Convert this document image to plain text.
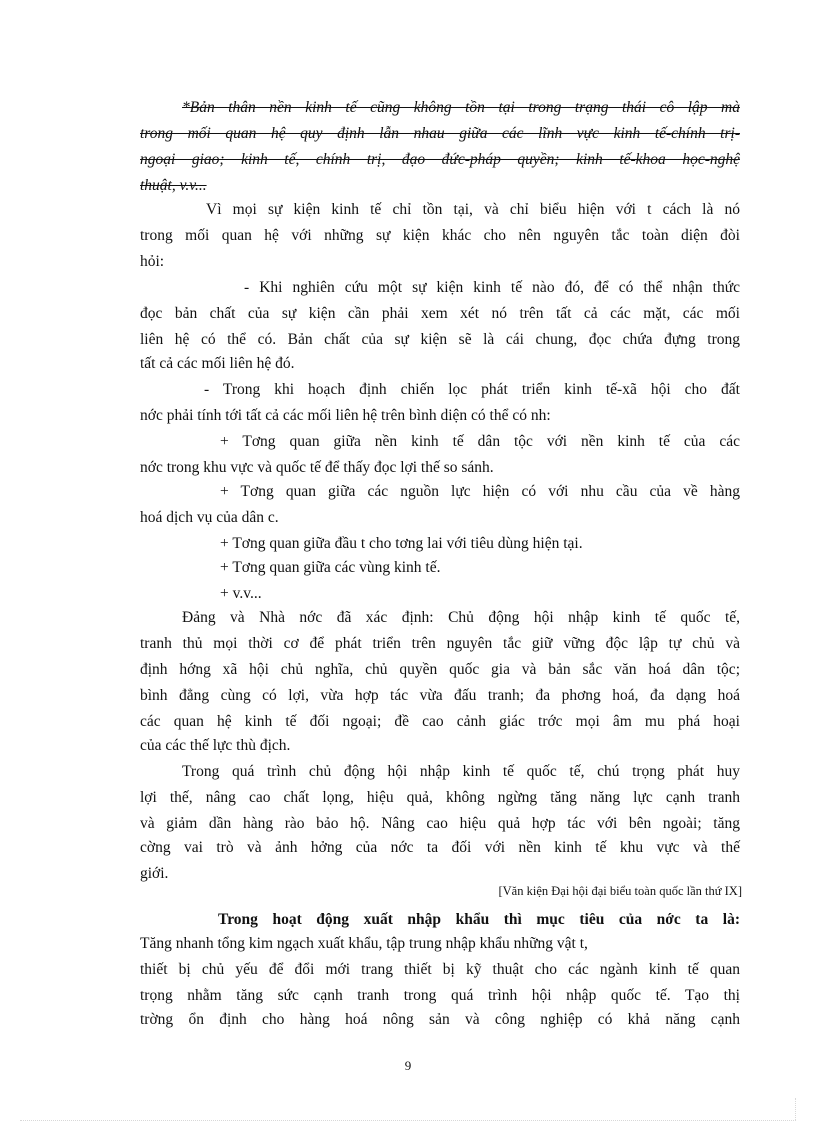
*Bản thân nền kinh tế cũng không tồn tại trong trạng thái cô lập mà
trong mối quan hệ quy định lẫn nhau giữa các lĩnh vực kinh tế-chính trị-
ngoại giao; kinh tế, chính trị, đạo đức-pháp quyền; kinh tế-khoa học-nghệ
thuật, v.v...
Vì mọi sự kiện kinh tế chỉ tồn tại, và chỉ biểu hiện với t cách là nó
trong mối quan hệ với những sự kiện khác cho nên nguyên tắc toàn diện đòi
hỏi:
- Khi nghiên cứu một sự kiện kinh tế nào đó, để có thể nhận thức
đọc bản chất của sự kiện cần phải xem xét nó trên tất cả các mặt, các mối
liên hệ có thể có. Bản chất của sự kiện sẽ là cái chung, đọc chứa đựng trong
tất cả các mối liên hệ đó.
- Trong khi hoạch định chiến lọc phát triển kinh tế-xã hội cho đất
nớc phải tính tới tất cả các mối liên hệ trên bình diện có thể có nh:
+ Tơng quan giữa nền kinh tế dân tộc với nền kinh tế của các
nớc trong khu vực và quốc tế để thấy đọc lợi thế so sánh.
+ Tơng quan giữa các nguồn lực hiện có với nhu cầu của về hàng
hoá dịch vụ của dân c.
+ Tơng quan giữa đầu t cho tơng lai với tiêu dùng hiện tại.
+ Tơng quan giữa các vùng kinh tế.
+ v.v...
Đảng và Nhà nớc đã xác định: Chủ động hội nhập kinh tế quốc tế,
tranh thủ mọi thời cơ để phát triển trên nguyên tắc giữ vững độc lập tự chủ và
định hớng xã hội chủ nghĩa, chủ quyền quốc gia và bản sắc văn hoá dân tộc;
bình đẳng cùng có lợi, vừa hợp tác vừa đấu tranh; đa phơng hoá, đa dạng hoá
các quan hệ kinh tế đối ngoại; đề cao cảnh giác trớc mọi âm mu phá hoại
của các thế lực thù địch.
Trong quá trình chủ động hội nhập kinh tế quốc tế, chú trọng phát huy
lợi thế, nâng cao chất lọng, hiệu quả, không ngừng tăng năng lực cạnh tranh
và giảm dần hàng rào bảo hộ. Nâng cao hiệu quả hợp tác với bên ngoài; tăng
cờng vai trò và ảnh hởng của nớc ta đối với nền kinh tế khu vực và thế
giới.
[Văn kiện Đại hội đại biểu toàn quốc lần thứ IX]
Trong hoạt động xuất nhập khẩu thì mục tiêu của nớc ta là:
Tăng nhanh tổng kim ngạch xuất khẩu, tập trung nhập khẩu những vật t,
thiết bị chủ yếu để đổi mới trang thiết bị kỹ thuật cho các ngành kinh tế quan
trọng nhằm tăng sức cạnh tranh trong quá trình hội nhập quốc tế. Tạo thị
trờng ổn định cho hàng hoá nông sản và công nghiệp có khả năng cạnh
9
